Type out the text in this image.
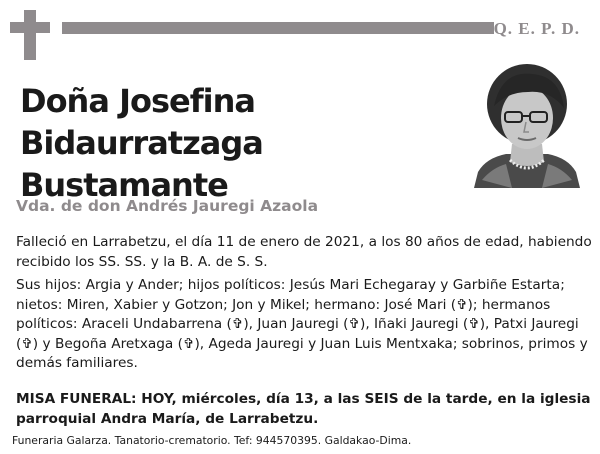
Q. E. P. D.
Doña Josefina
Bidaurratzaga Bustamante
Vda. de don Andrés Jauregi Azaola
Falleció en Larrabetzu, el día 11 de enero de 2021, a los 80 años de edad, habiendo recibido los SS. SS. y la B. A. de S. S.
Sus hijos: Argia y Ander; hijos políticos: Jesús Mari Echegaray y Garbiñe Estarta; nietos: Miren, Xabier y Gotzon; Jon y Mikel; hermano: José Mari (✞); hermanos políticos: Araceli Undabarrena (✞), Juan Jauregi (✞), Iñaki Jauregi (✞), Patxi Jauregi (✞) y Begoña Aretxaga (✞), Ageda Jauregi y Juan Luis Mentxaka; sobrinos, primos y demás familiares.
MISA FUNERAL: HOY, miércoles, día 13, a las SEIS de la tarde, en la iglesia parroquial Andra María, de Larrabetzu.
Funeraria Galarza. Tanatorio-crematorio. Tef: 944570395. Galdakao-Dima.
